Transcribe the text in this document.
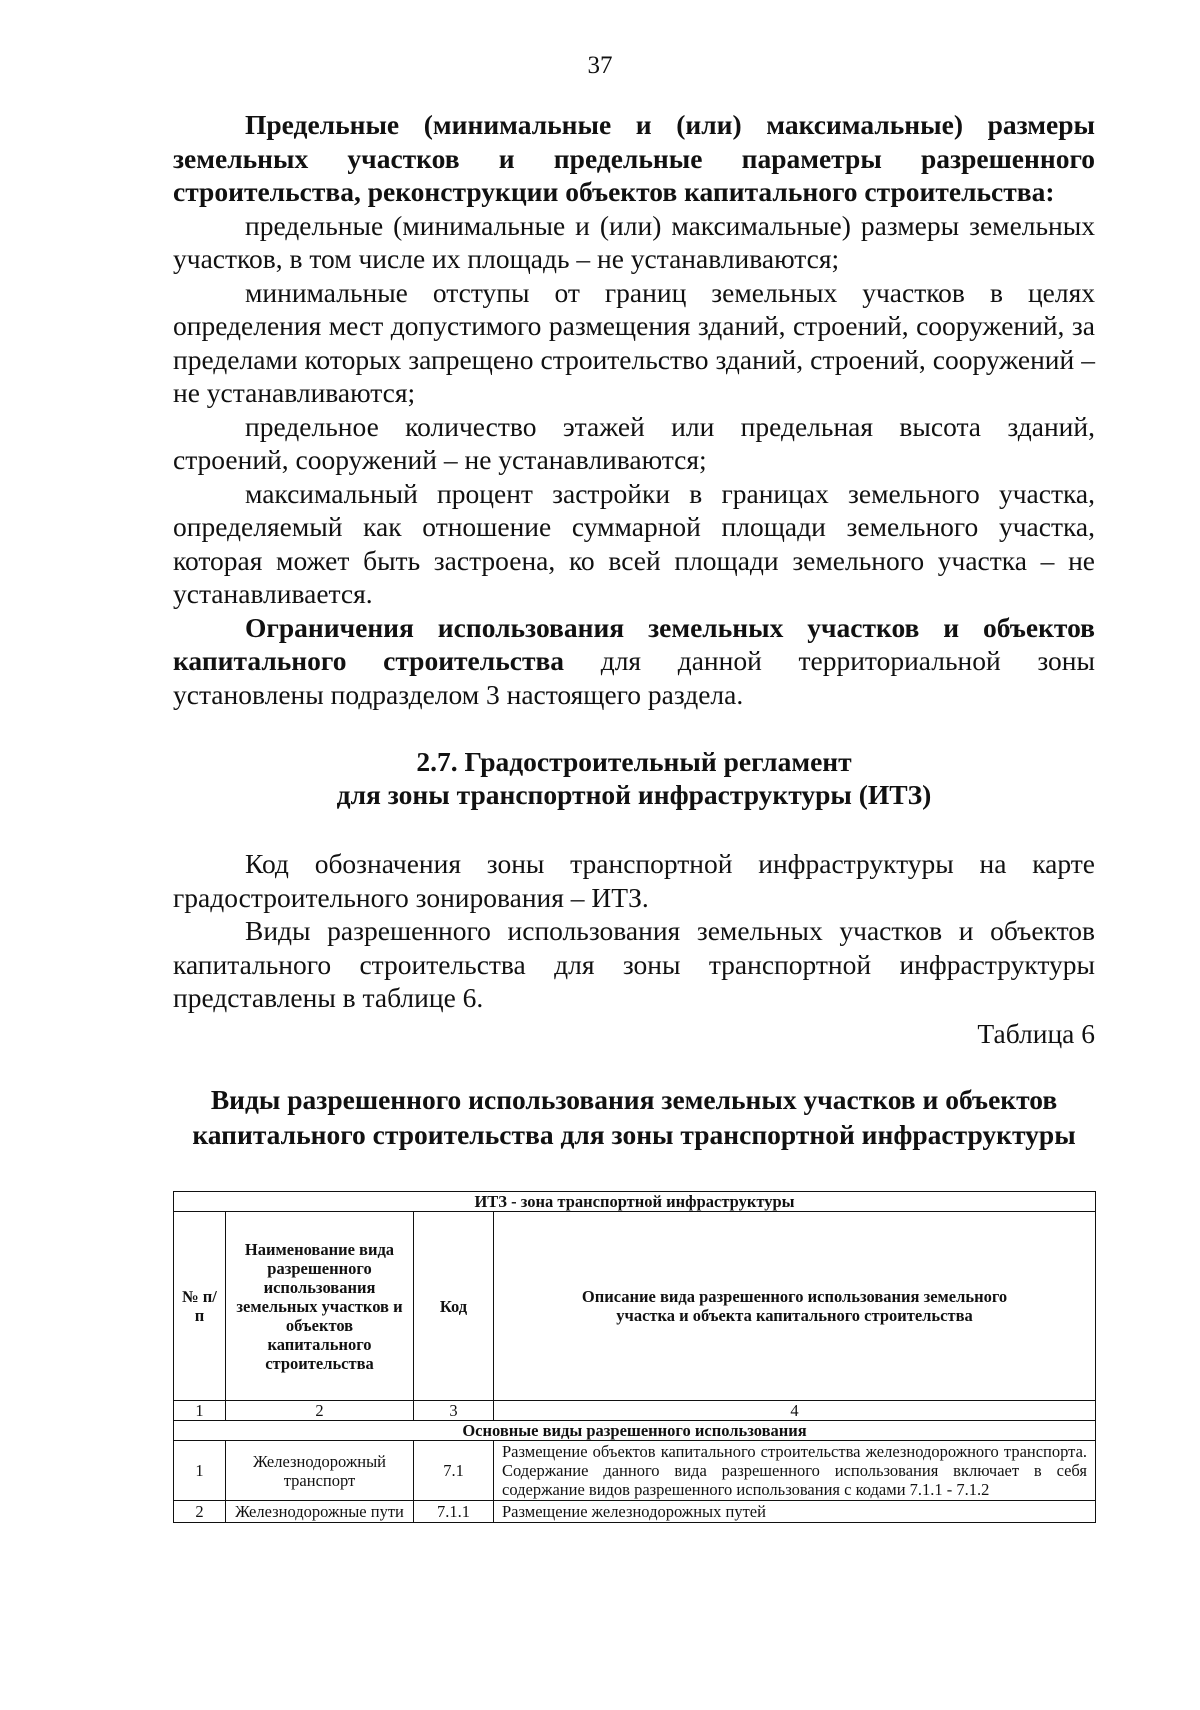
37

Предельные (минимальные и (или) максимальные) размеры земельных участков и предельные параметры разрешенного строительства, реконструкции объектов капитального строительства:

предельные (минимальные и (или) максимальные) размеры земельных участков, в том числе их площадь – не устанавливаются;

минимальные отступы от границ земельных участков в целях определения мест допустимого размещения зданий, строений, сооружений, за пределами которых запрещено строительство зданий, строений, сооружений – не устанавливаются;

предельное количество этажей или предельная высота зданий, строений, сооружений – не устанавливаются;

максимальный процент застройки в границах земельного участка, определяемый как отношение суммарной площади земельного участка, которая может быть застроена, ко всей площади земельного участка – не устанавливается.

Ограничения использования земельных участков и объектов капитального строительства для данной территориальной зоны установлены подразделом 3 настоящего раздела.

2.7. Градостроительный регламент
для зоны транспортной инфраструктуры (ИТЗ)

Код обозначения зоны транспортной инфраструктуры на карте градостроительного зонирования – ИТЗ.

Виды разрешенного использования земельных участков и объектов капитального строительства для зоны транспортной инфраструктуры представлены в таблице 6.

Таблица 6
Виды разрешенного использования земельных участков и объектов
капитального строительства для зоны транспортной инфраструктуры
ИТЗ - зона транспортной инфраструктуры			
№ п/п	Наименование вида разрешенного использования земельных участков и объектов капитального строительства	Код	Описание вида разрешенного использования земельного участка и объекта капитального строительства
1	2	3	4
Основные виды разрешенного использования			
1	Железнодорожный транспорт	7.1	Размещение объектов капитального строительства железнодорожного транспорта. Содержание данного вида разрешенного использования включает в себя содержание видов разрешенного использования с кодами 7.1.1 - 7.1.2
2	Железнодорожные пути	7.1.1	Размещение железнодорожных путей
